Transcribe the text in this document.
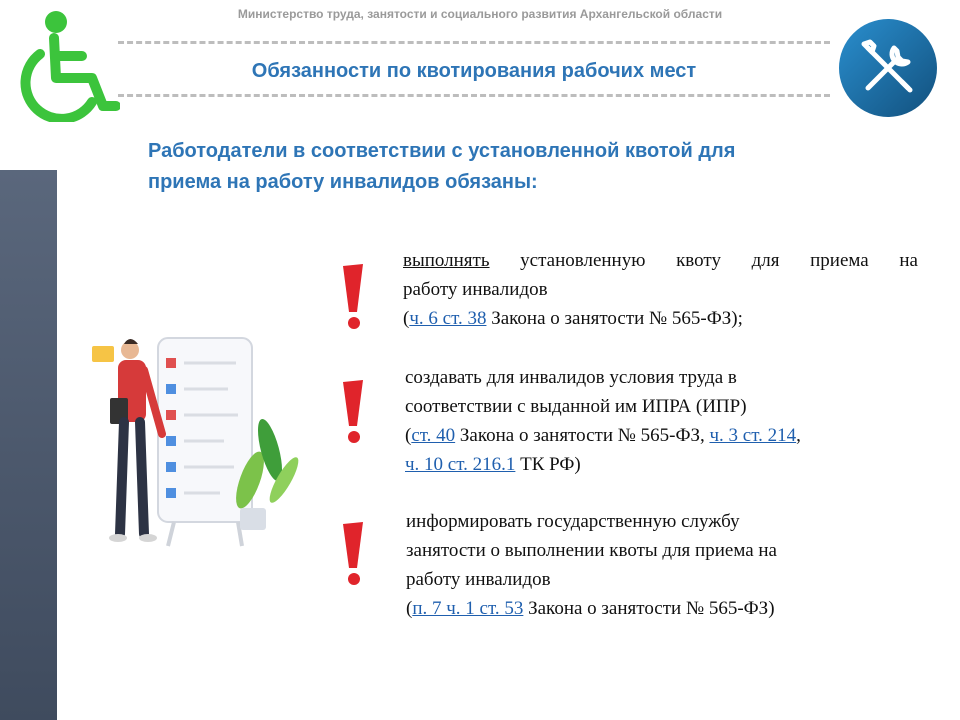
Министерство труда, занятости и социального развития Архангельской области
Обязанности по квотирования рабочих мест
Работодатели в соответствии с установленной квотой для
приема на работу инвалидов обязаны:

выполнять установленную квоту для приема на

работу инвалидов

(ч. 6 ст. 38 Закона о занятости № 565-ФЗ);

создавать для инвалидов условия труда в

соответствии с выданной им ИПРА (ИПР)

(ст. 40 Закона о занятости № 565-ФЗ, ч. 3 ст. 214,

ч. 10 ст. 216.1 ТК РФ)

информировать государственную службу

занятости о выполнении квоты для приема на

работу инвалидов

(п. 7 ч. 1 ст. 53 Закона о занятости № 565-ФЗ)
